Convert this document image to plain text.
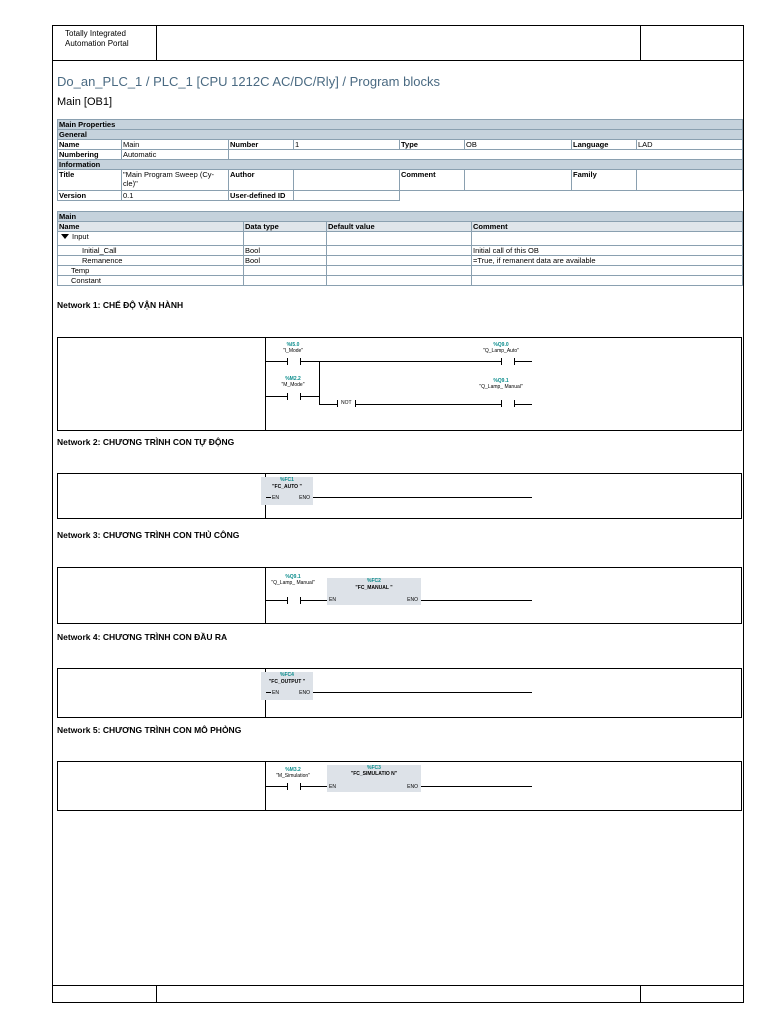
Totally Integrated Automation Portal
Do_an_PLC_1 / PLC_1 [CPU 1212C AC/DC/Rly] / Program blocks
Main [OB1]
Main Properties							
General							
Name	Main	Number	1	Type	OB	Language	LAD
Numbering	Automatic						
Information							
Title	"Main Program Sweep (Cy-cle)"	Author		Comment		Family	
Version	0.1	User-defined ID					
Main			
Name	Data type	Default value	Comment
Input			
Initial_Call	Bool		Initial call of this OB
Remanence	Bool		=True, if remanent data are available
Temp			
Constant			
Network 1: CHẾ ĐỘ VẬN HÀNH
%I5.0
"I_Mode"
%Q9.0
"Q_Lamp_Auto"
%M2.2
"M_Mode"
NOT
%Q9.1
"Q_Lamp_ Manual"
Network 2: CHƯƠNG TRÌNH CON TỰ ĐỘNG
%FC1
"FC_AUTO "
EN	ENO
Network 3: CHƯƠNG TRÌNH CON THỦ CÔNG
%Q9.1
"Q_Lamp_ Manual"	%FC2
"FC_MANUAL "
EN	ENO
Network 4: CHƯƠNG TRÌNH CON ĐẦU RA
%FC4
"FC_OUTPUT "
EN	ENO
Network 5: CHƯƠNG TRÌNH CON MÔ PHỎNG
%M3.2
"M_Simulation"
%FC3
"FC_SIMULATIO N"
EN	ENO
